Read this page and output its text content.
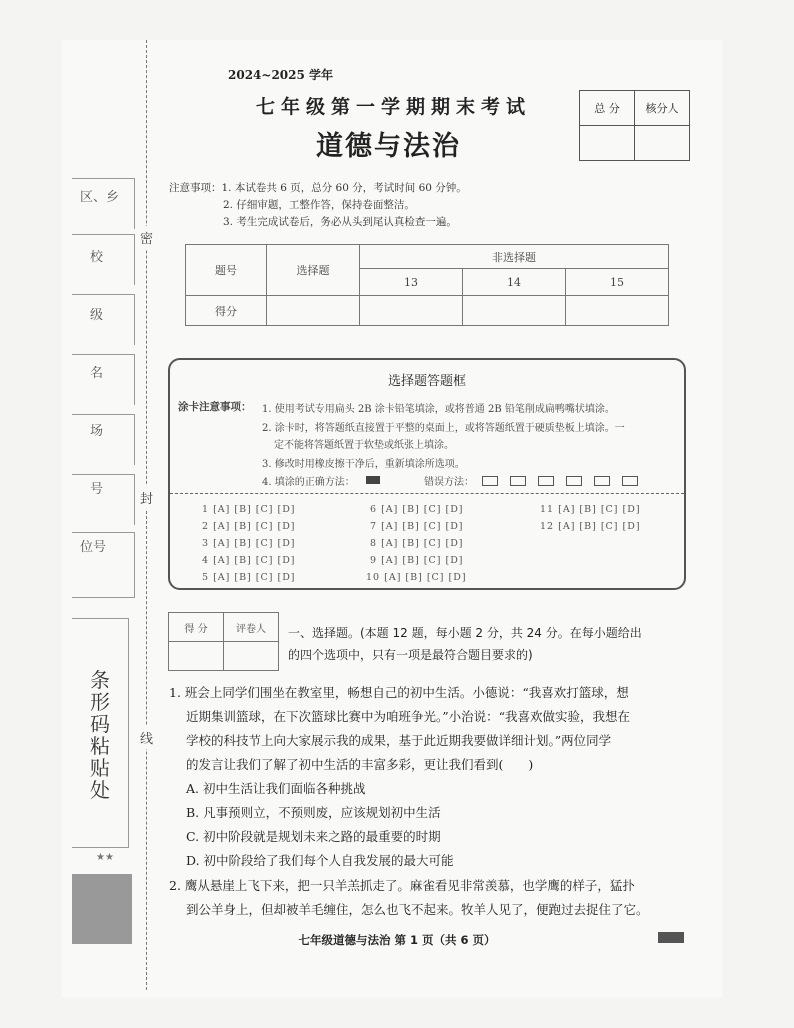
区、乡
校
级
名
场
号
位号
条形码粘贴处
★★
密
封
线
2024~2025 学年
七年级第一学期期末考试
道德与法治
总 分	核分人

注意事项：1. 本试卷共 6 页，总分 60 分，考试时间 60 分钟。
2. 仔细审题，工整作答，保持卷面整洁。
3. 考生完成试卷后，务必从头到尾认真检查一遍。
题号	选择题	非选择题		
		13	14	15
得分				
选择题答题框
涂卡注意事项： 1. 使用考试专用扁头 2B 涂卡铅笔填涂，或将普通 2B 铅笔削成扁鸭嘴状填涂。
2. 涂卡时，将答题纸直接置于平整的桌面上，或将答题纸置于硬质垫板上填涂。一
定不能将答题纸置于软垫或纸张上填涂。
3. 修改时用橡皮擦干净后，重新填涂所选项。
4. 填涂的正确方法：	错误方法：
1 [A] [B] [C] [D]
2 [A] [B] [C] [D]
3 [A] [B] [C] [D]
4 [A] [B] [C] [D]
5 [A] [B] [C] [D]
6 [A] [B] [C] [D]
7 [A] [B] [C] [D]
8 [A] [B] [C] [D]
9 [A] [B] [C] [D]
10 [A] [B] [C] [D]
11 [A] [B] [C] [D]
12 [A] [B] [C] [D]
得 分	评卷人
	一、选择题。(本题 12 题，每小题 2 分，共 24 分。在每小题给出
的四个选项中，只有一项是最符合题目要求的)
1. 班会上同学们围坐在教室里，畅想自己的初中生活。小德说：“我喜欢打篮球，想
近期集训篮球，在下次篮球比赛中为咱班争光。”小治说：“我喜欢做实验，我想在
学校的科技节上向大家展示我的成果，基于此近期我要做详细计划。”两位同学
的发言让我们了解了初中生活的丰富多彩，更让我们看到(　　)
A. 初中生活让我们面临各种挑战
B. 凡事预则立，不预则废，应该规划初中生活
C. 初中阶段就是规划未来之路的最重要的时期
D. 初中阶段给了我们每个人自我发展的最大可能
2. 鹰从悬崖上飞下来，把一只羊羔抓走了。麻雀看见非常羡慕，也学鹰的样子，猛扑
到公羊身上，但却被羊毛缠住，怎么也飞不起来。牧羊人见了，便跑过去捉住了它。
七年级道德与法治 第 1 页（共 6 页）
